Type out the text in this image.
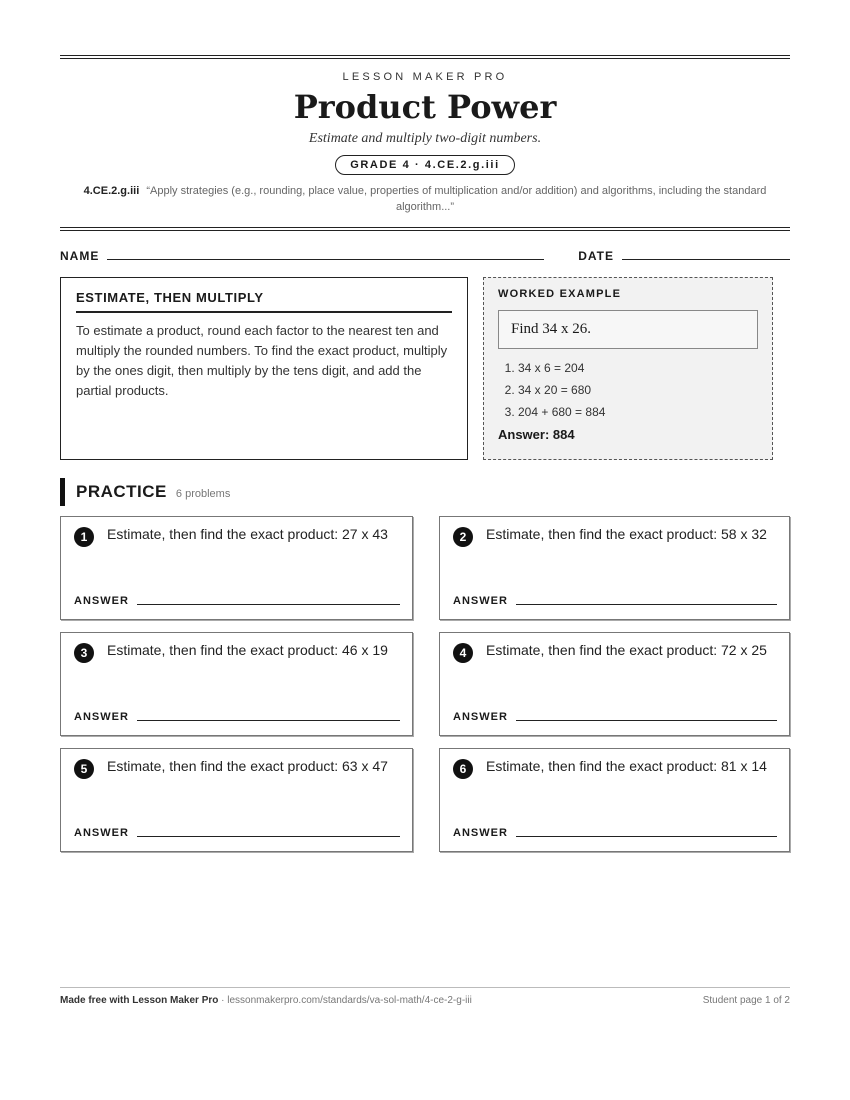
LESSON MAKER PRO
Product Power
Estimate and multiply two-digit numbers.
GRADE 4 · 4.CE.2.g.iii
4.CE.2.g.iii “Apply strategies (e.g., rounding, place value, properties of multiplication and/or addition) and algorithms, including the standard algorithm...”
NAME	DATE
ESTIMATE, THEN MULTIPLY

To estimate a product, round each factor to the nearest ten and multiply the rounded numbers. To find the exact product, multiply by the ones digit, then multiply by the tens digit, and add the partial products.

WORKED EXAMPLE
Find 34 x 26.
1. 34 x 6 = 204
2. 34 x 20 = 680
3. 204 + 680 = 884
Answer: 884
PRACTICE 6 problems
1	Estimate, then find the exact product: 27 x 43
ANSWER
2	Estimate, then find the exact product: 58 x 32
ANSWER
3	Estimate, then find the exact product: 46 x 19
ANSWER
4	Estimate, then find the exact product: 72 x 25
ANSWER
5	Estimate, then find the exact product: 63 x 47
ANSWER
6	Estimate, then find the exact product: 81 x 14
ANSWER
Made free with Lesson Maker Pro · lessonmakerpro.com/standards/va-sol-math/4-ce-2-g-iii	Student page 1 of 2
